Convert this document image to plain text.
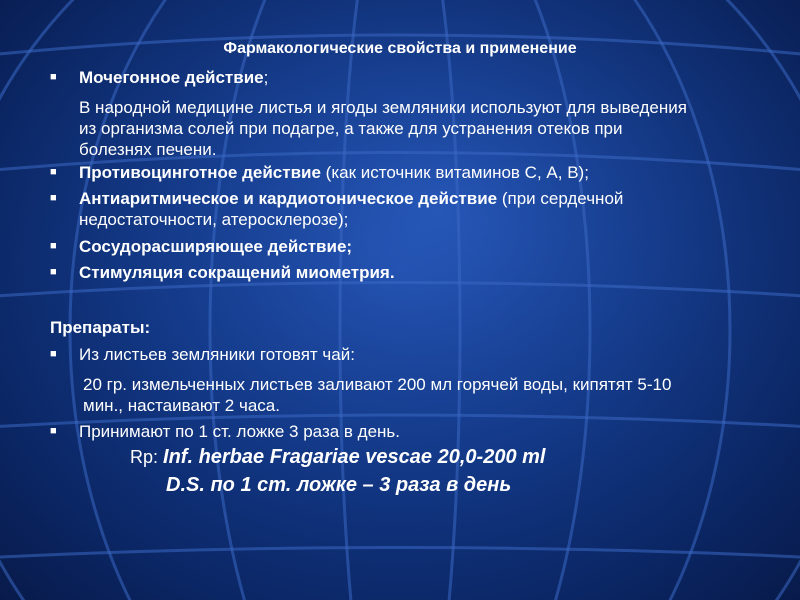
Фармакологические свойства и применение
■ Мочегонное действие;
В народной медицине листья и ягоды земляники используют для выведения
из организма солей при подагре, а также для устранения отеков при
болезнях печени.
■ Противоцинготное действие (как источник витаминов С, А, В);
■ Антиаритмическое и кардиотоническое действие (при сердечной
недостаточности, атеросклерозе);
■ Сосудорасширяющее действие;
■ Стимуляция сокращений миометрия.
Препараты:
■ Из листьев земляники готовят чай:
20 гр. измельченных листьев заливают 200 мл горячей воды, кипятят 5-10
мин., настаивают 2 часа.
■ Принимают по 1 ст. ложке 3 раза в день.
Rp: Inf. herbae Fragariae vescae 20,0-200 ml
D.S. по 1 ст. ложке – 3 раза в день
